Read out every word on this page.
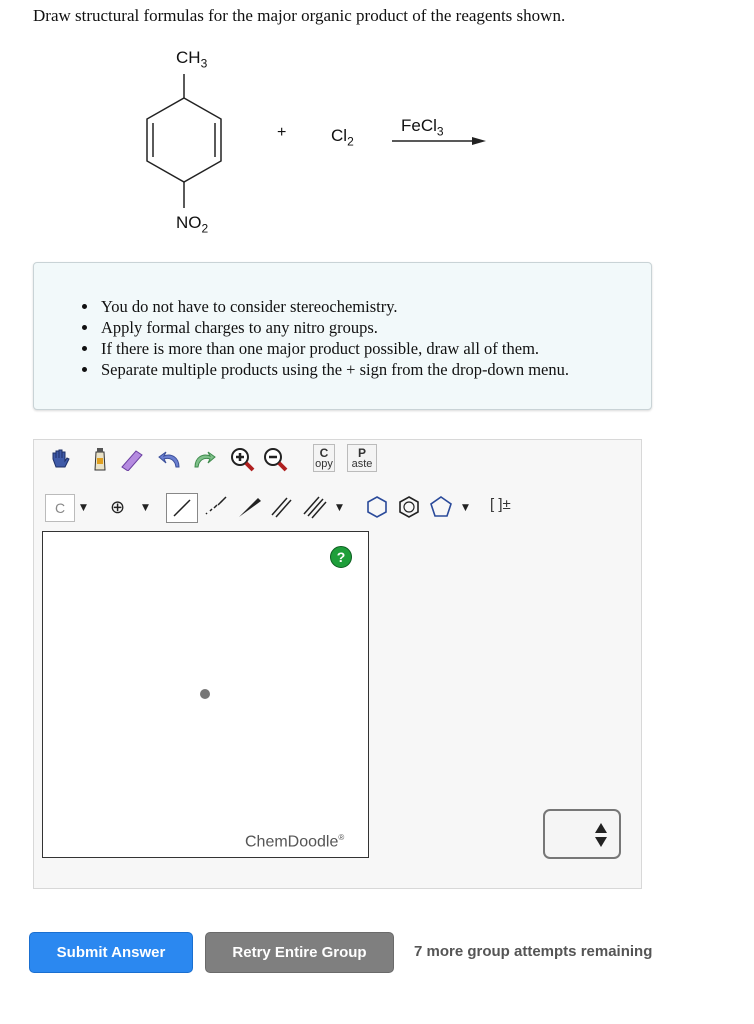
Draw structural formulas for the major organic product of the reagents shown.
$CH_3$
$NO_2$
+	$Cl_2$
FeCl$_3$
• You do not have to consider stereochemistry.
• Apply formal charges to any nitro groups.
• If there is more than one major product possible, draw all of them.
• Separate multiple products using the + sign from the drop-down menu.
C
opy
P
aste
C	▼ ⊕ ▼	▼	▼ [ ]±
?
ChemDoodle®
Submit Answer	Retry Entire Group	7 more group attempts remaining
